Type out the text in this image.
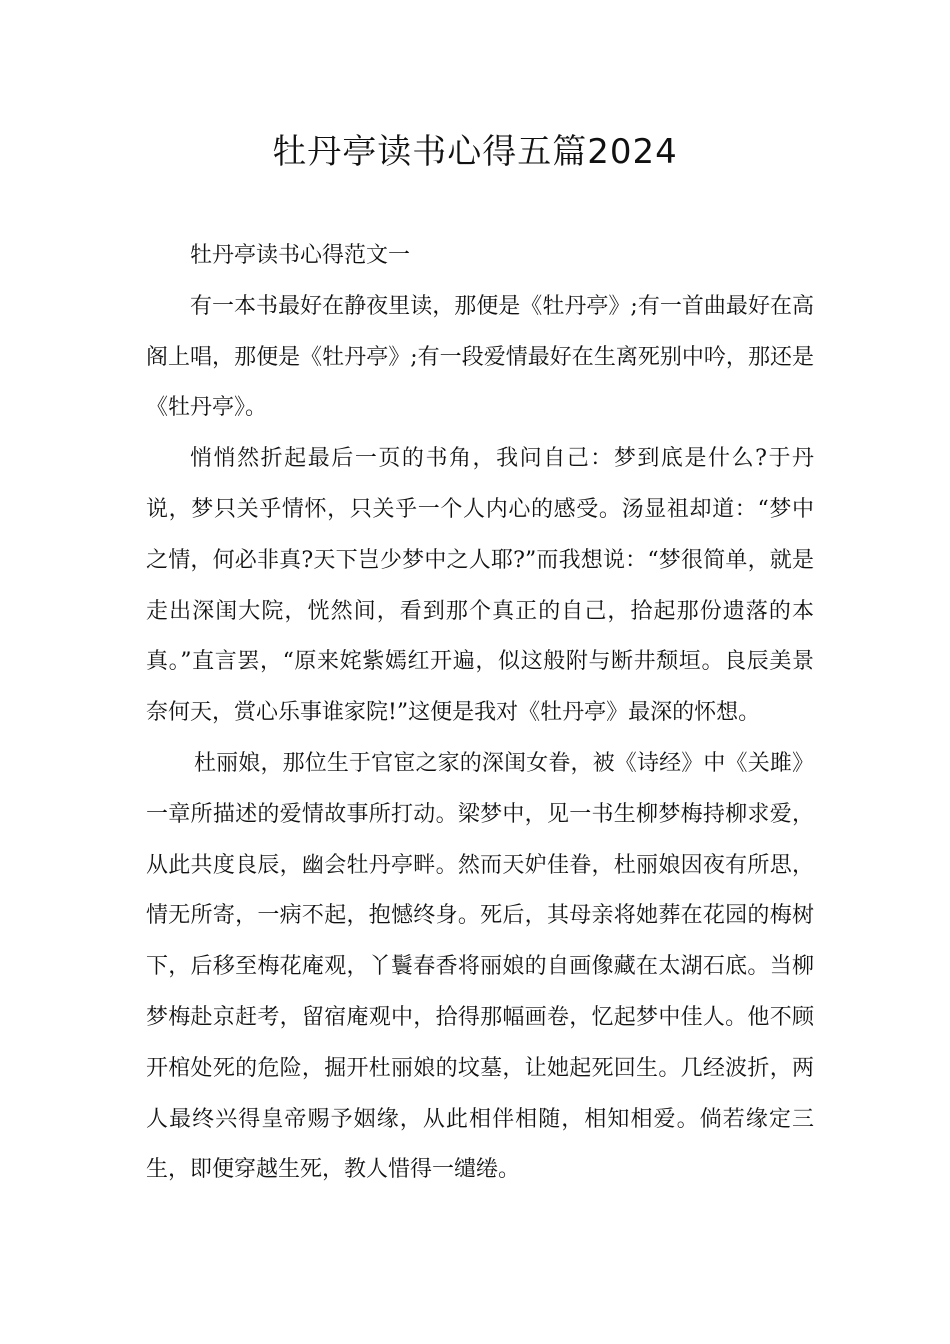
牡丹亭读书心得五篇2024

牡丹亭读书心得范文一

有一本书最好在静夜里读，那便是《牡丹亭》;有一首曲最好在高阁上唱，那便是《牡丹亭》;有一段爱情最好在生离死别中吟，那还是《牡丹亭》。

悄悄然折起最后一页的书角，我问自己：梦到底是什么?于丹说，梦只关乎情怀，只关乎一个人内心的感受。汤显祖却道：“梦中之情，何必非真?天下岂少梦中之人耶?”而我想说：“梦很简单，就是走出深闺大院，恍然间，看到那个真正的自己，拾起那份遗落的本真。”直言罢，“原来姹紫嫣红开遍，似这般附与断井颓垣。良辰美景奈何天，赏心乐事谁家院!”这便是我对《牡丹亭》最深的怀想。

杜丽娘，那位生于官宦之家的深闺女眷，被《诗经》中《关雎》一章所描述的爱情故事所打动。梁梦中，见一书生柳梦梅持柳求爱，从此共度良辰，幽会牡丹亭畔。然而天妒佳眷，杜丽娘因夜有所思，情无所寄，一病不起，抱憾终身。死后，其母亲将她葬在花园的梅树下，后移至梅花庵观，丫鬟春香将丽娘的自画像藏在太湖石底。当柳梦梅赴京赶考，留宿庵观中，拾得那幅画卷，忆起梦中佳人。他不顾开棺处死的危险，掘开杜丽娘的坟墓，让她起死回生。几经波折，两人最终兴得皇帝赐予姻缘，从此相伴相随，相知相爱。倘若缘定三生，即便穿越生死，教人惜得一缱绻。
